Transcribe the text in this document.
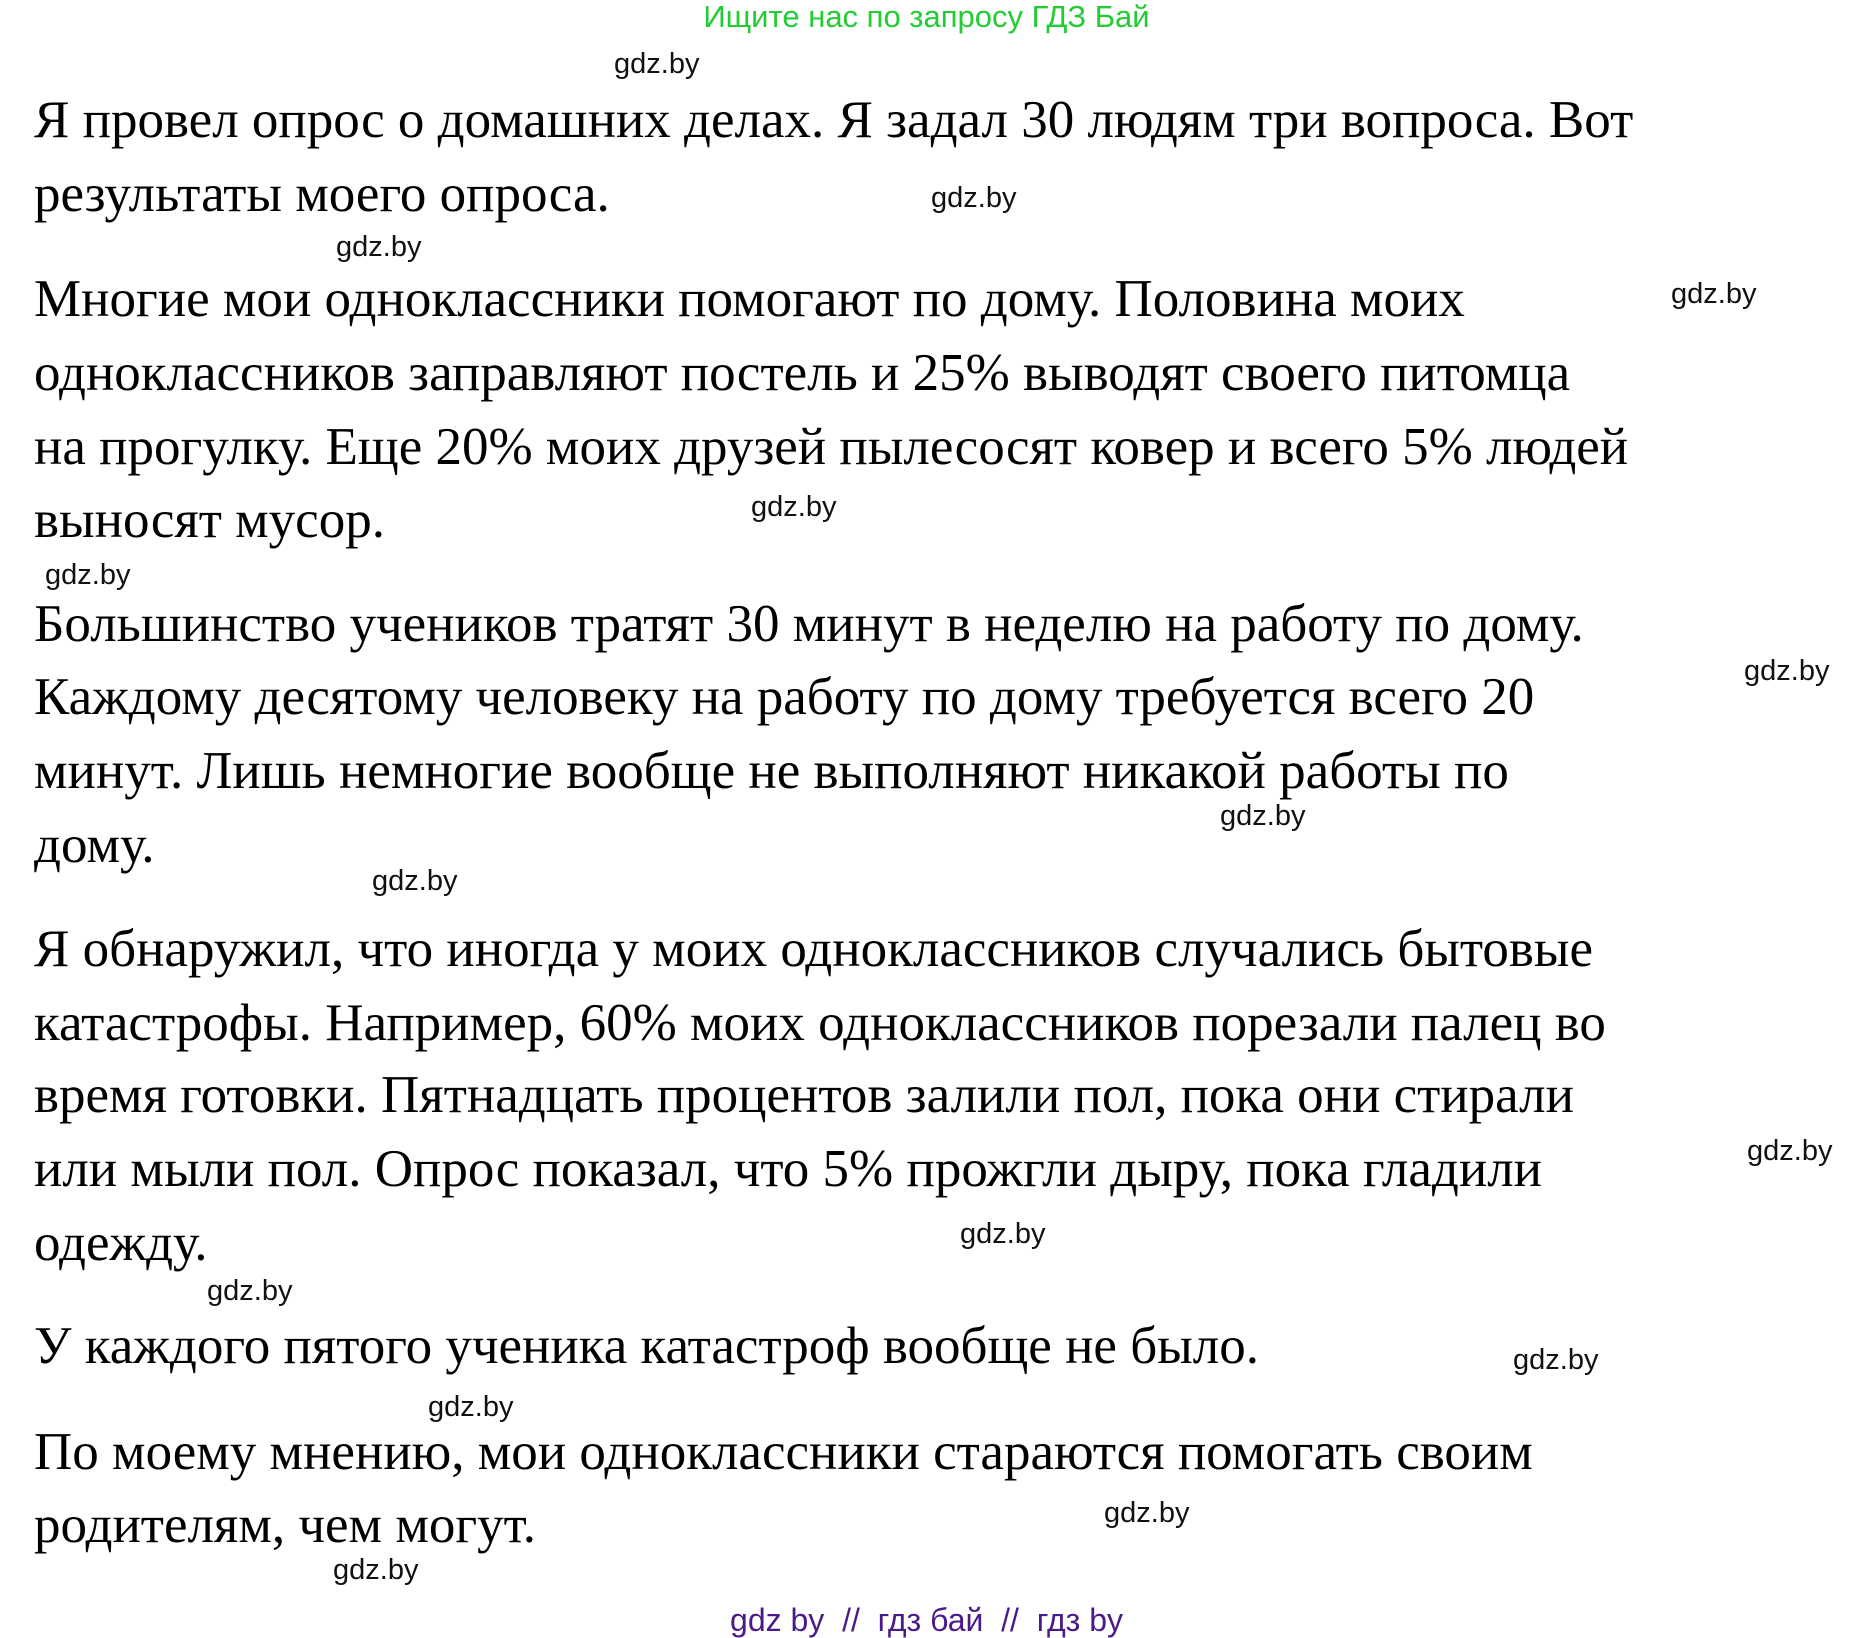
Ищите нас по запросу ГДЗ Бай
Я провел опрос о домашних делах. Я задал 30 людям три вопроса. Вот
результаты моего опроса.
Многие мои одноклассники помогают по дому. Половина моих
одноклассников заправляют постель и 25% выводят своего питомца
на прогулку. Еще 20% моих друзей пылесосят ковер и всего 5% людей
выносят мусор.
Большинство учеников тратят 30 минут в неделю на работу по дому.
Каждому десятому человеку на работу по дому требуется всего 20
минут. Лишь немногие вообще не выполняют никакой работы по
дому.
Я обнаружил, что иногда у моих одноклассников случались бытовые
катастрофы. Например, 60% моих одноклассников порезали палец во
время готовки. Пятнадцать процентов залили пол, пока они стирали
или мыли пол. Опрос показал, что 5% прожгли дыру, пока гладили
одежду.
У каждого пятого ученика катастроф вообще не было.
По моему мнению, мои одноклассники стараются помогать своим
родителям, чем могут.
gdz.by
gdz.by
gdz.by
gdz.by
gdz.by
gdz.by
gdz.by
gdz.by
gdz.by
gdz.by
gdz.by
gdz.by
gdz.by
gdz.by
gdz.by
gdz.by
gdz by  //  гдз бай  //  гдз by
